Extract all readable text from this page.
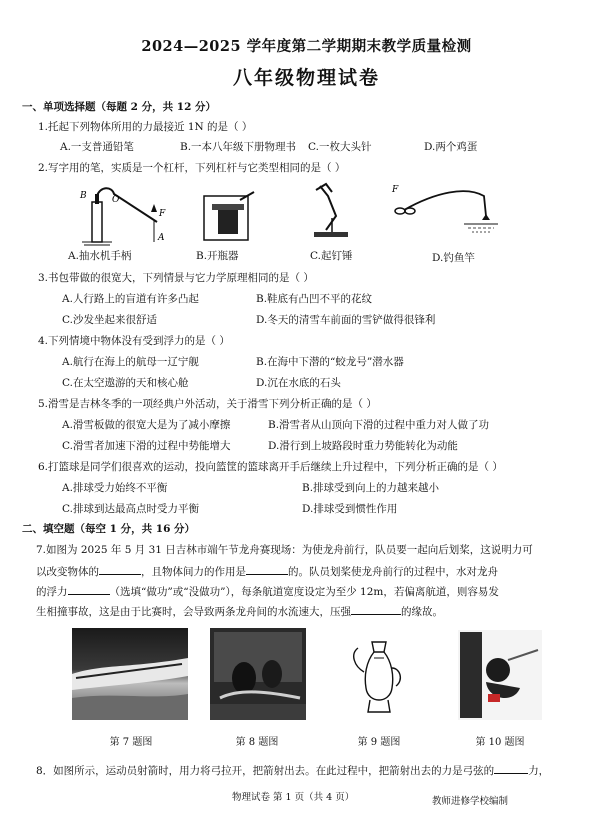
2024—2025 学年度第二学期期末教学质量检测
八年级物理试卷
一、单项选择题（每题 2 分，共 12 分）
1.托起下列物体所用的力最接近 1N 的是（ ）
A.一支普通铅笔	B.一本八年级下册物理书 C.一枚大头针	D.两个鸡蛋
2.写字用的笔，实质是一个杠杆，下列杠杆与它类型相同的是（ ）
B	O
F
A
F
A.抽水机手柄	B.开瓶器	C.起钉锤	D.钓鱼竿
3.书包带做的很宽大，下列情景与它力学原理相同的是（ ）
A.人行路上的盲道有许多凸起	B.鞋底有凸凹不平的花纹
C.沙发坐起来很舒适	D.冬天的清雪车前面的雪铲做得很锋利
4.下列情境中物体没有受到浮力的是（ ）
A.航行在海上的航母一辽宁舰	B.在海中下潜的“蛟龙号”潜水器
C.在太空遨游的天和核心舱	D.沉在水底的石头
5.滑雪是吉林冬季的一项经典户外活动，关于滑雪下列分析正确的是（ ）
A.滑雪板做的很宽大是为了减小摩擦	B.滑雪者从山顶向下滑的过程中重力对人做了功
C.滑雪者加速下滑的过程中势能增大	D.滑行到上坡路段时重力势能转化为动能
6.打篮球是同学们很喜欢的运动，投向篮筐的篮球离开手后继续上升过程中，下列分析正确的是（ ）
A.排球受力始终不平衡	B.排球受到向上的力越来越小
C.排球到达最高点时受力平衡	D.排球受到惯性作用
二、填空题（每空 1 分，共 16 分）
7.如图为 2025 年 5 月 31 日吉林市端午节龙舟赛现场：为使龙舟前行，队员要一起向后划桨，这说明力可
以改变物体的	，且物体间力的作用是	的。队员划桨使龙舟前行的过程中，水对龙舟
的浮力	（选填“做功”或“没做功”），每条航道宽度设定为至少 12m，若偏离航道，则容易发
生相撞事故，这是由于比赛时，会导致两条龙舟间的水流速大，压强	的缘故。
第 7 题图	第 8 题图	第 9 题图	第 10 题图
8．如图所示，运动员射箭时，用力将弓拉开，把箭射出去。在此过程中，把箭射出去的力是弓弦的	力，
物理试卷 第 1 页（共 4 页）	教师进修学校编制
